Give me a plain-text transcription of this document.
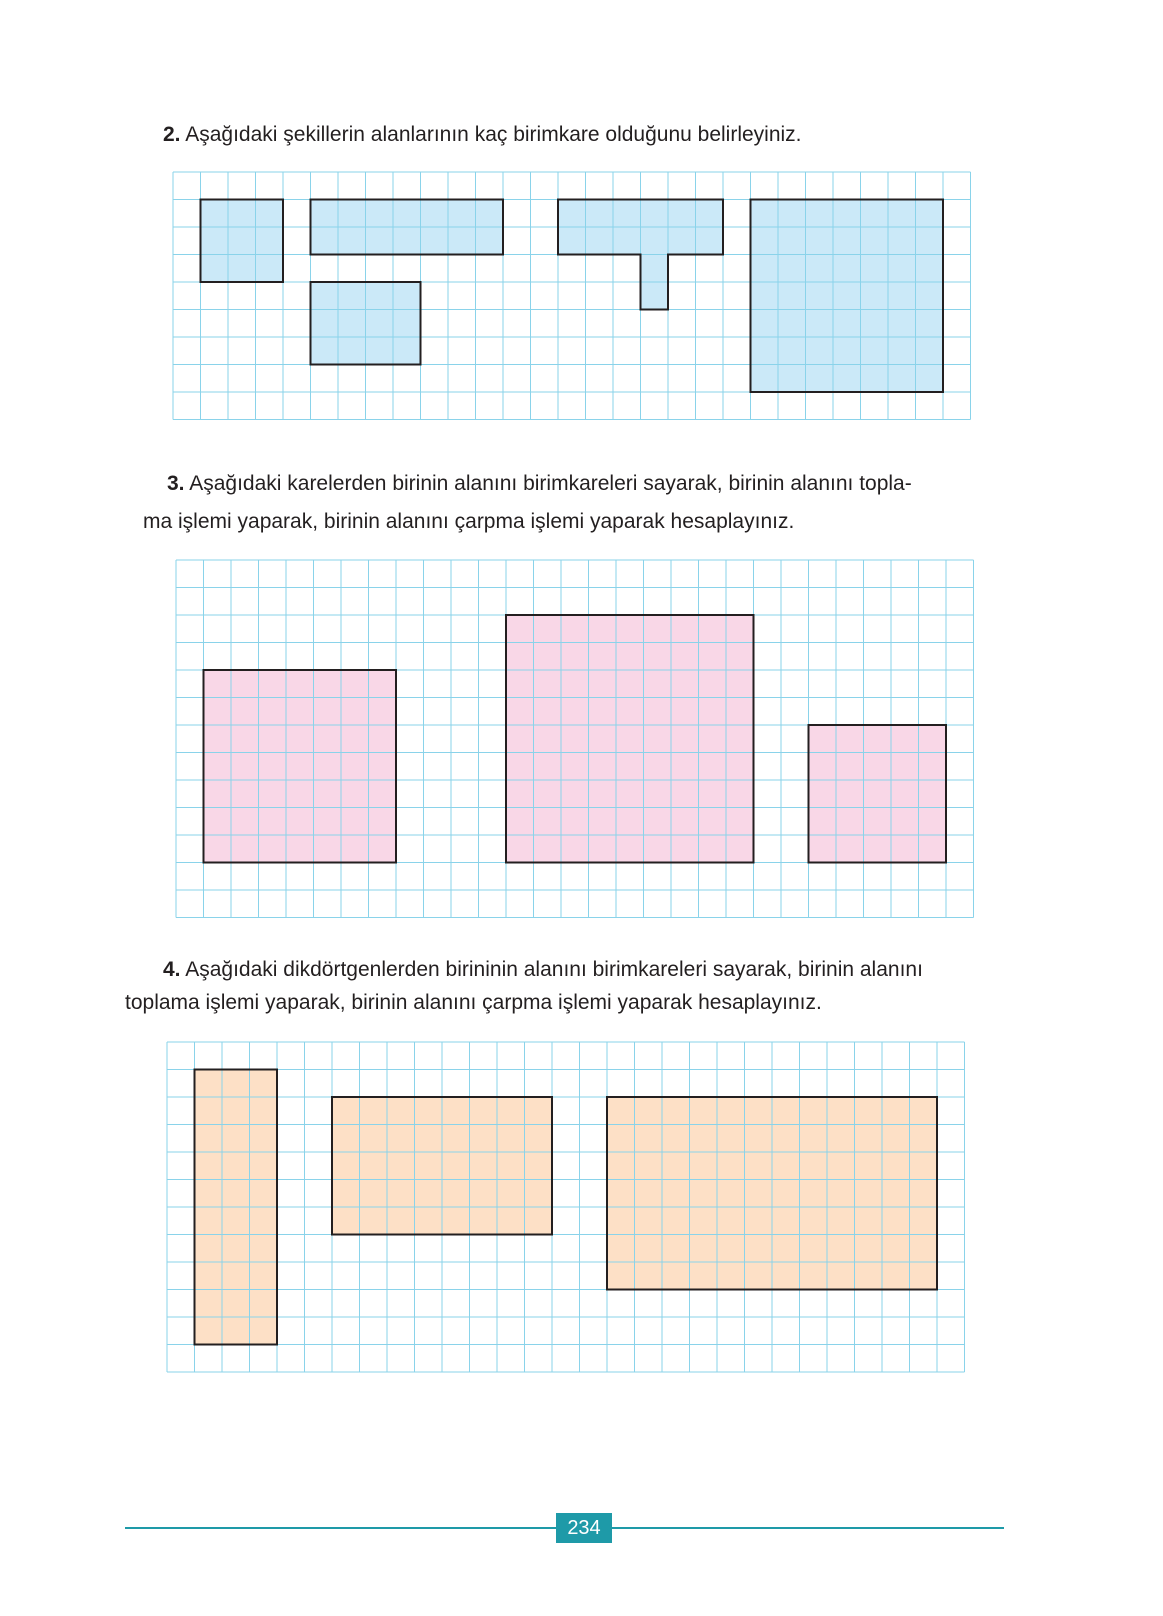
2. Aşağıdaki şekillerin alanlarının kaç birimkare olduğunu belirleyiniz.

3. Aşağıdaki karelerden birinin alanını birimkareleri sayarak, birinin alanını topla-

ma işlemi yaparak, birinin alanını çarpma işlemi yaparak hesaplayınız.

4. Aşağıdaki dikdörtgenlerden birininin alanını birimkareleri sayarak, birinin alanını

toplama işlemi yaparak, birinin alanını çarpma işlemi yaparak hesaplayınız.

234
